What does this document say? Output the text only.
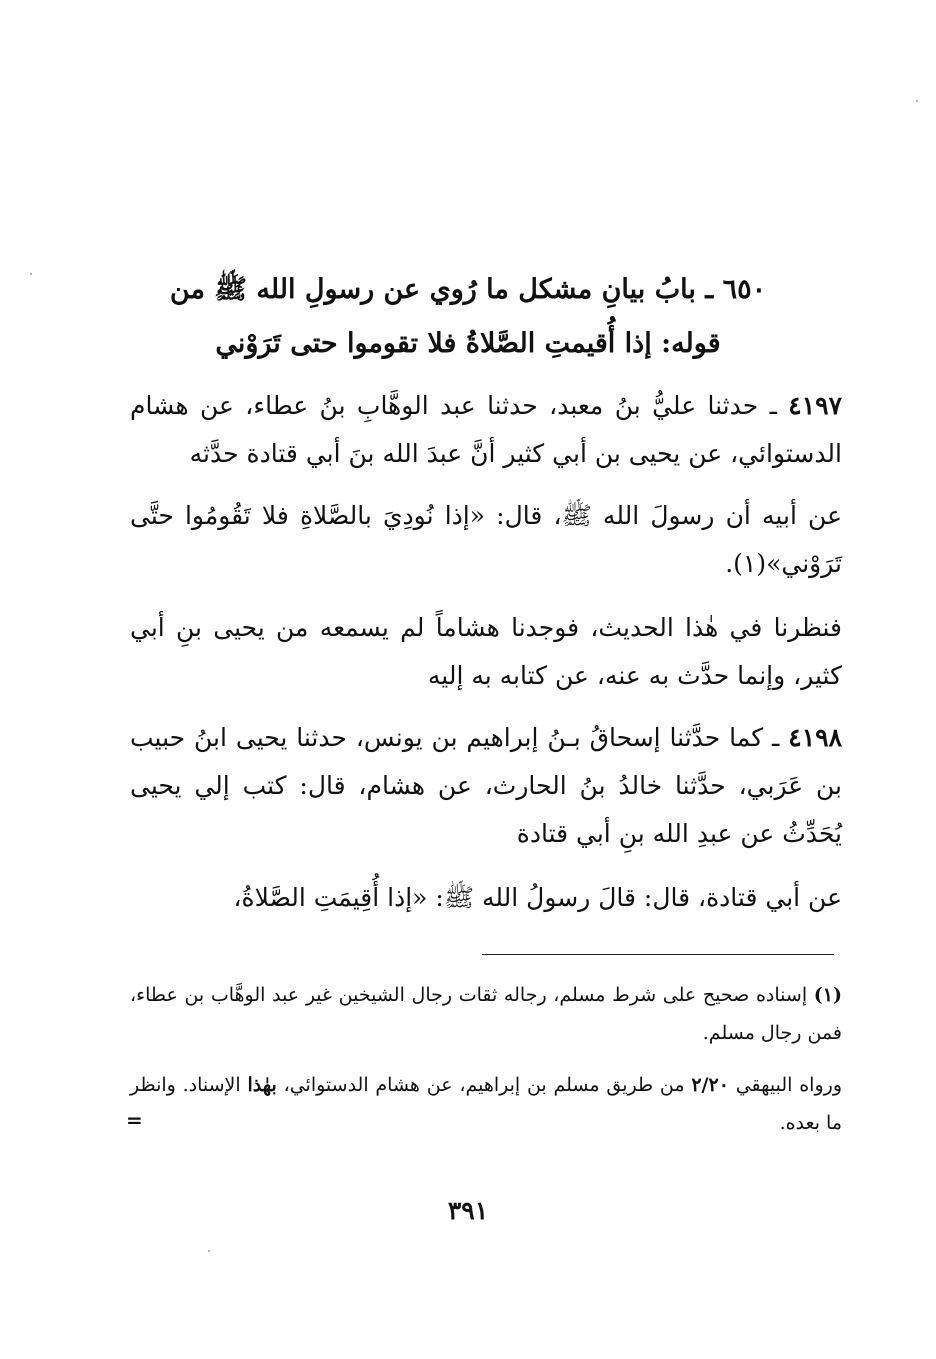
٦٥٠ ـ بابُ بيانِ مشكل ما رُوي عن رسولِ الله ﷺ من
قوله: إذا أُقيمتِ الصَّلاةُ فلا تقوموا حتى تَرَوْني
٤١٩٧ ـ حدثنا عليُّ بنُ معبد، حدثنا عبد الوهَّابِ بنُ عطاء، عن هشام الدستوائي، عن يحيى بن أبي كثير أنَّ عبدَ الله بنَ أبي قتادة حدَّثه
عن أبيه أن رسولَ الله ﷺ، قال: «إذا نُودِيَ بالصَّلاةِ فلا تَقُومُوا حتَّى تَرَوْني»(١).
فنظرنا في هٰذا الحديث، فوجدنا هشاماً لم يسمعه من يحيى بنِ أبي كثير، وإنما حدَّث به عنه، عن كتابه به إليه
٤١٩٨ ـ كما حدَّثنا إسحاقُ بـنُ إبراهيم بن يونس، حدثنا يحيى ابنُ حبيب بن عَرَبي، حدَّثنا خالدُ بنُ الحارث، عن هشام، قال: كتب إلي يحيى يُحَدِّثُ عن عبدِ الله بنِ أبي قتادة
عن أبي قتادة، قال: قالَ رسولُ الله ﷺ: «إذا أُقِيمَتِ الصَّلاةُ،
(١) إسناده صحيح على شرط مسلم، رجاله ثقات رجال الشيخين غير عبد الوهَّاب بن عطاء، فمن رجال مسلم.
ورواه البيهقي ٢/٢٠ من طريق مسلم بن إبراهيم، عن هشام الدستوائي، بهٰذا الإسناد. وانظر ما بعده.
=
٣٩١
